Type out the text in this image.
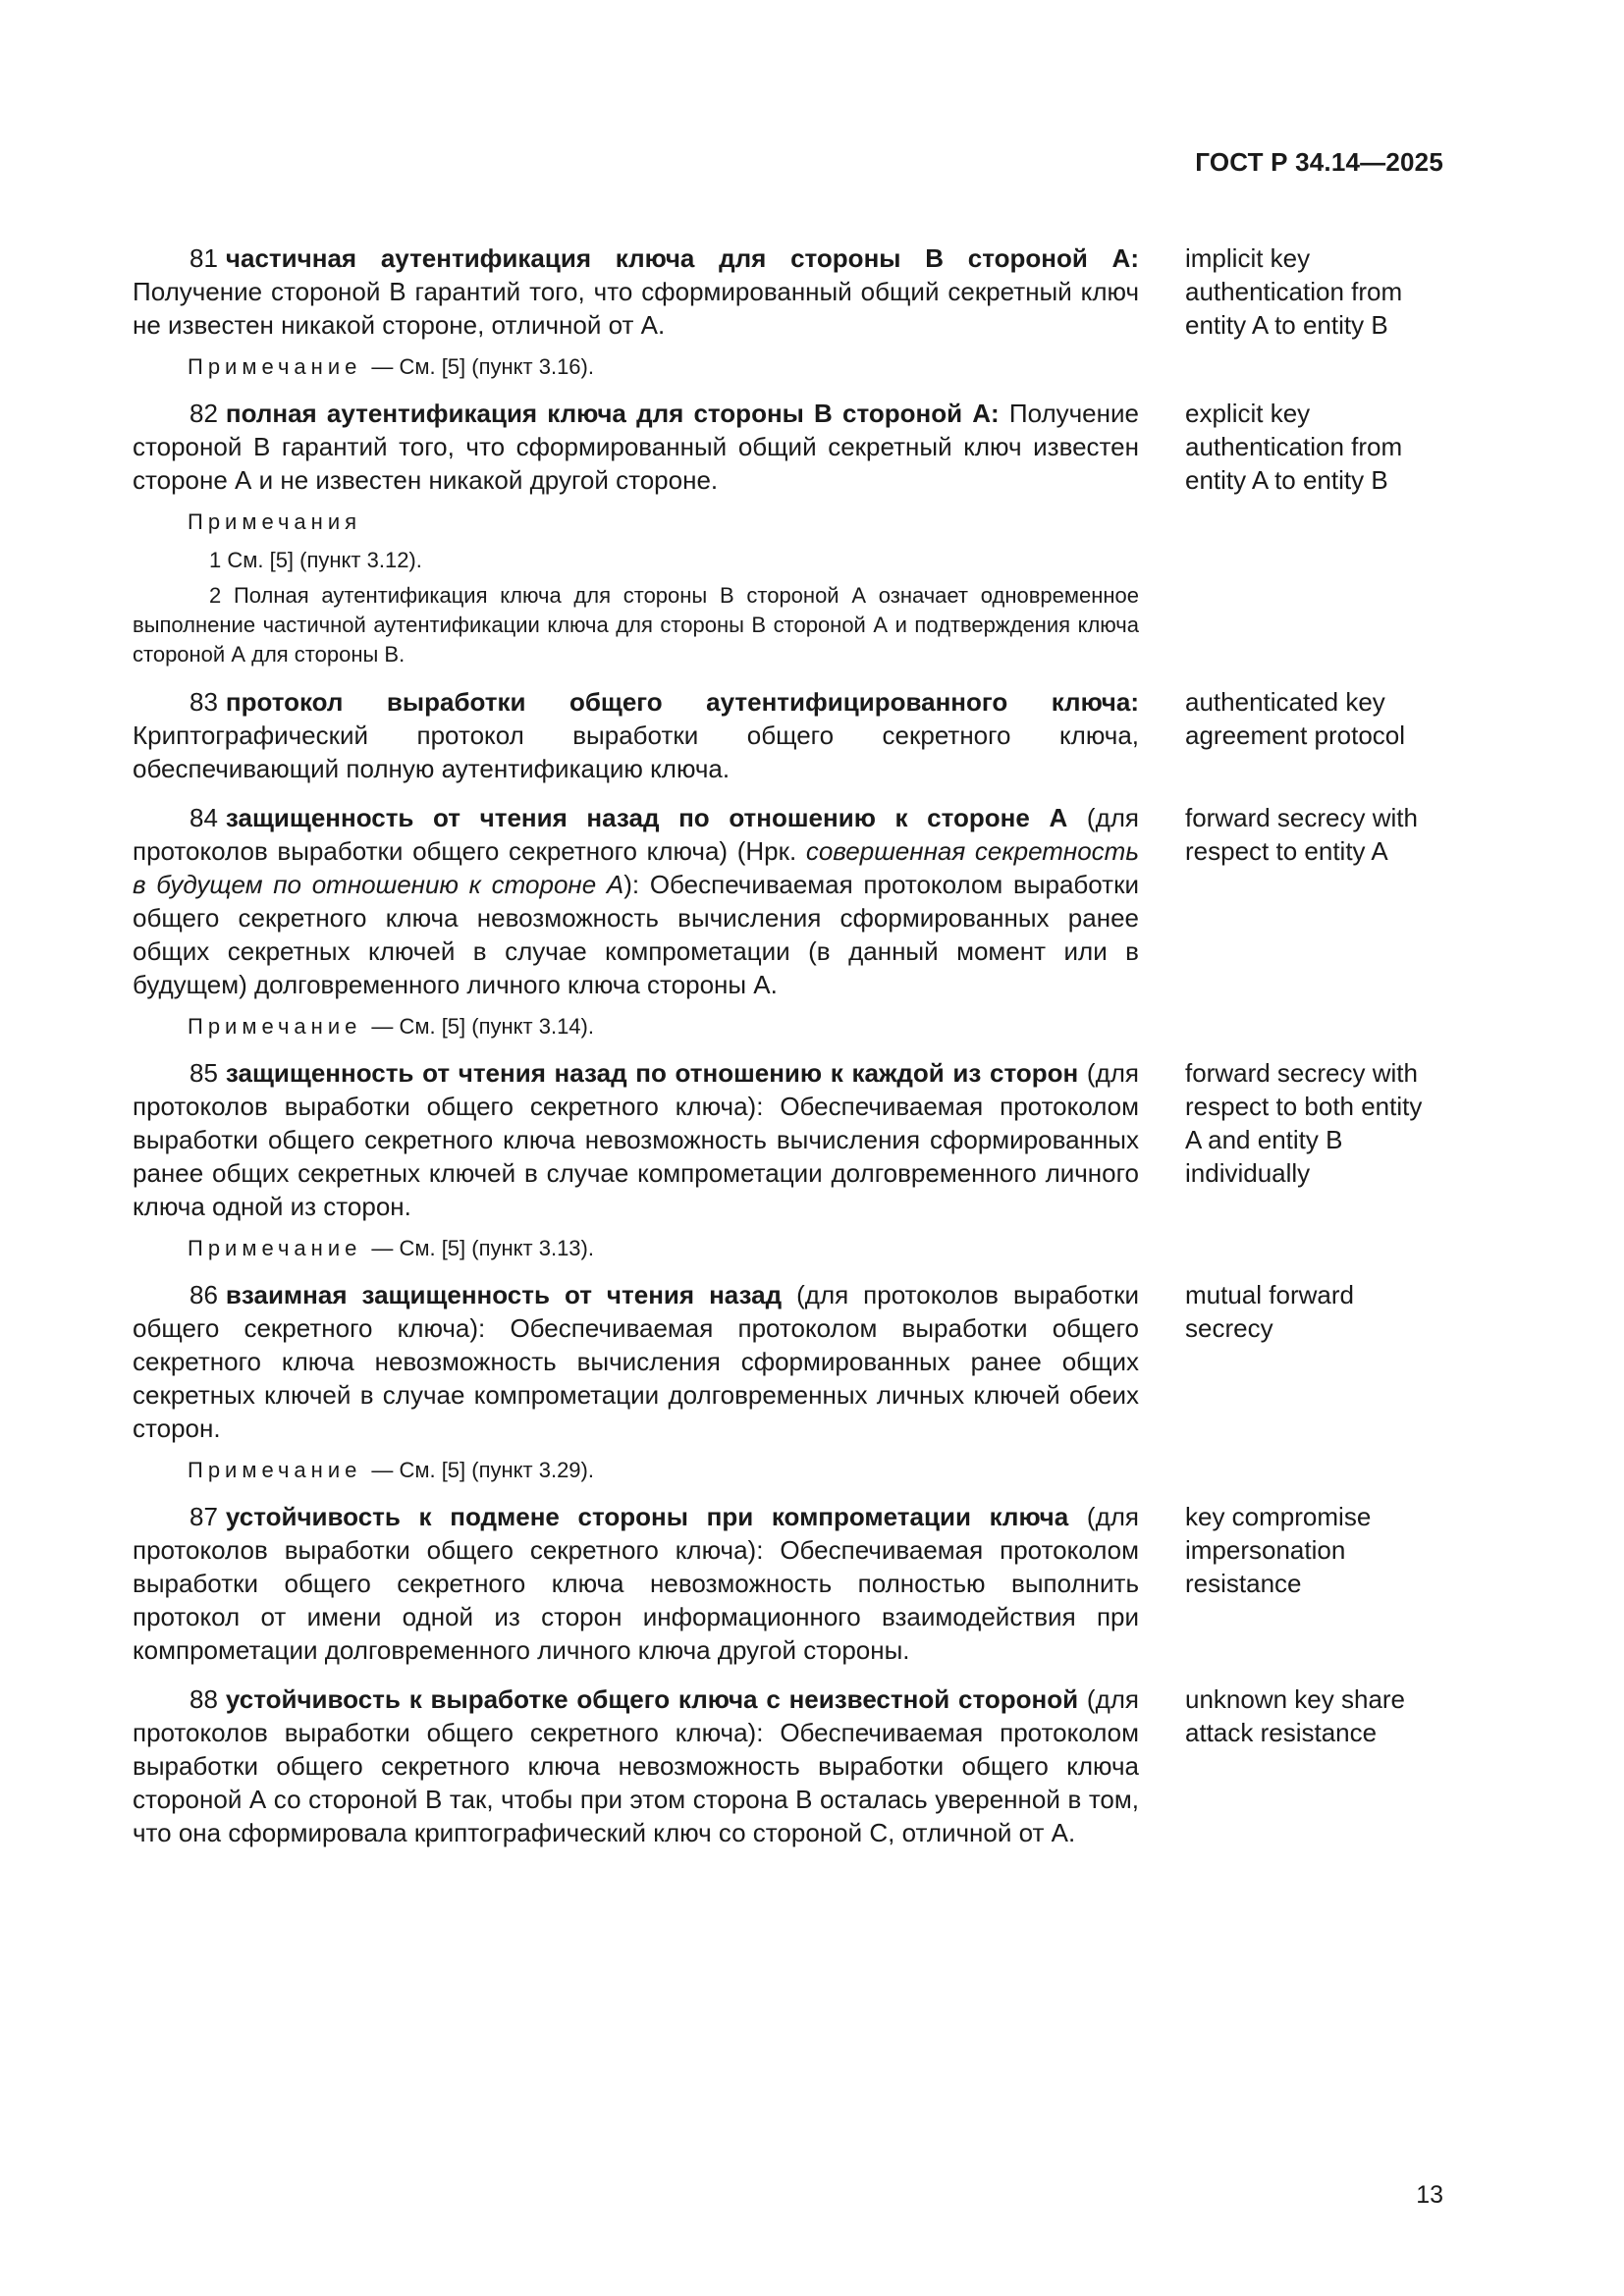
ГОСТ Р 34.14—2025
81 частичная аутентификация ключа для стороны В стороной А: Получение стороной В гарантий того, что сформированный общий секретный ключ не известен никакой стороне, отличной от А.
implicit key authentication from entity A to entity B
Примечание — См. [5] (пункт 3.16).
82 полная аутентификация ключа для стороны В стороной А: Получение стороной В гарантий того, что сформированный общий секретный ключ известен стороне А и не известен никакой другой стороне.
explicit key authentication from entity A to entity B
Примечания
1 См. [5] (пункт 3.12).
2 Полная аутентификация ключа для стороны В стороной А означает одновременное выполнение частичной аутентификации ключа для стороны В стороной А и подтверждения ключа стороной А для стороны В.
83 протокол выработки общего аутентифицированного ключа: Криптографический протокол выработки общего секретного ключа, обеспечивающий полную аутентификацию ключа.
authenticated key agreement protocol
84 защищенность от чтения назад по отношению к стороне А (для протоколов выработки общего секретного ключа) (Нрк. совершенная секретность в будущем по отношению к стороне А): Обеспечиваемая протоколом выработки общего секретного ключа невозможность вычисления сформированных ранее общих секретных ключей в случае компрометации (в данный момент или в будущем) долговременного личного ключа стороны А.
forward secrecy with respect to entity A
Примечание — См. [5] (пункт 3.14).
85 защищенность от чтения назад по отношению к каждой из сторон (для протоколов выработки общего секретного ключа): Обеспечиваемая протоколом выработки общего секретного ключа невозможность вычисления сформированных ранее общих секретных ключей в случае компрометации долговременного личного ключа одной из сторон.
forward secrecy with respect to both entity A and entity B individually
Примечание — См. [5] (пункт 3.13).
86 взаимная защищенность от чтения назад (для протоколов выработки общего секретного ключа): Обеспечиваемая протоколом выработки общего секретного ключа невозможность вычисления сформированных ранее общих секретных ключей в случае компрометации долговременных личных ключей обеих сторон.
mutual forward secrecy
Примечание — См. [5] (пункт 3.29).
87 устойчивость к подмене стороны при компрометации ключа (для протоколов выработки общего секретного ключа): Обеспечиваемая протоколом выработки общего секретного ключа невозможность полностью выполнить протокол от имени одной из сторон информационного взаимодействия при компрометации долговременного личного ключа другой стороны.
key compromise impersonation resistance
88 устойчивость к выработке общего ключа с неизвестной стороной (для протоколов выработки общего секретного ключа): Обеспечиваемая протоколом выработки общего секретного ключа невозможность выработки общего ключа стороной А со стороной В так, чтобы при этом сторона В осталась уверенной в том, что она сформировала криптографический ключ со стороной С, отличной от А.
unknown key share attack resistance
13
